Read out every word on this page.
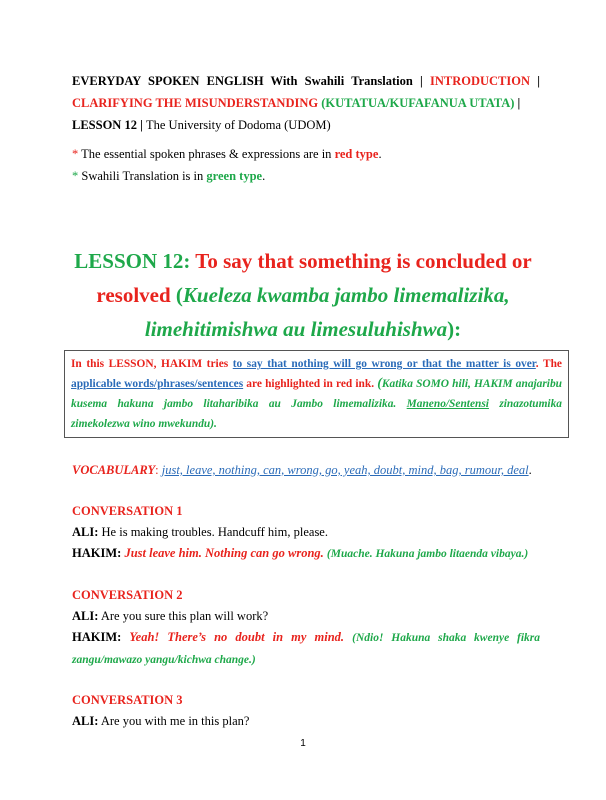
EVERYDAY SPOKEN ENGLISH With Swahili Translation | INTRODUCTION | CLARIFYING THE MISUNDERSTANDING (KUTATUA/KUFAFANUA UTATA) |
LESSON 12 | The University of Dodoma (UDOM)
* The essential spoken phrases & expressions are in red type.
* Swahili Translation is in green type.
LESSON 12: To say that something is concluded or resolved (Kueleza kwamba jambo limemalizika, limehitimishwa au limesuluhishwa):
In this LESSON, HAKIM tries to say that nothing will go wrong or that the matter is over. The applicable words/phrases/sentences are highlighted in red ink. (Katika SOMO hili, HAKIM anajaribu kusema hakuna jambo litaharibika au Jambo limemalizika. Maneno/Sentensi zinazotumika zimekolezwa wino mwekundu).
VOCABULARY: just, leave, nothing, can, wrong, go, yeah, doubt, mind, bag, rumour, deal.
CONVERSATION 1
ALI: He is making troubles. Handcuff him, please.
HAKIM: Just leave him. Nothing can go wrong. (Muache. Hakuna jambo litaenda vibaya.)
CONVERSATION 2
ALI: Are you sure this plan will work?
HAKIM: Yeah! There’s no doubt in my mind. (Ndio! Hakuna shaka kwenye fikra zangu/mawazo yangu/kichwa change.)
CONVERSATION 3
ALI: Are you with me in this plan?
1
